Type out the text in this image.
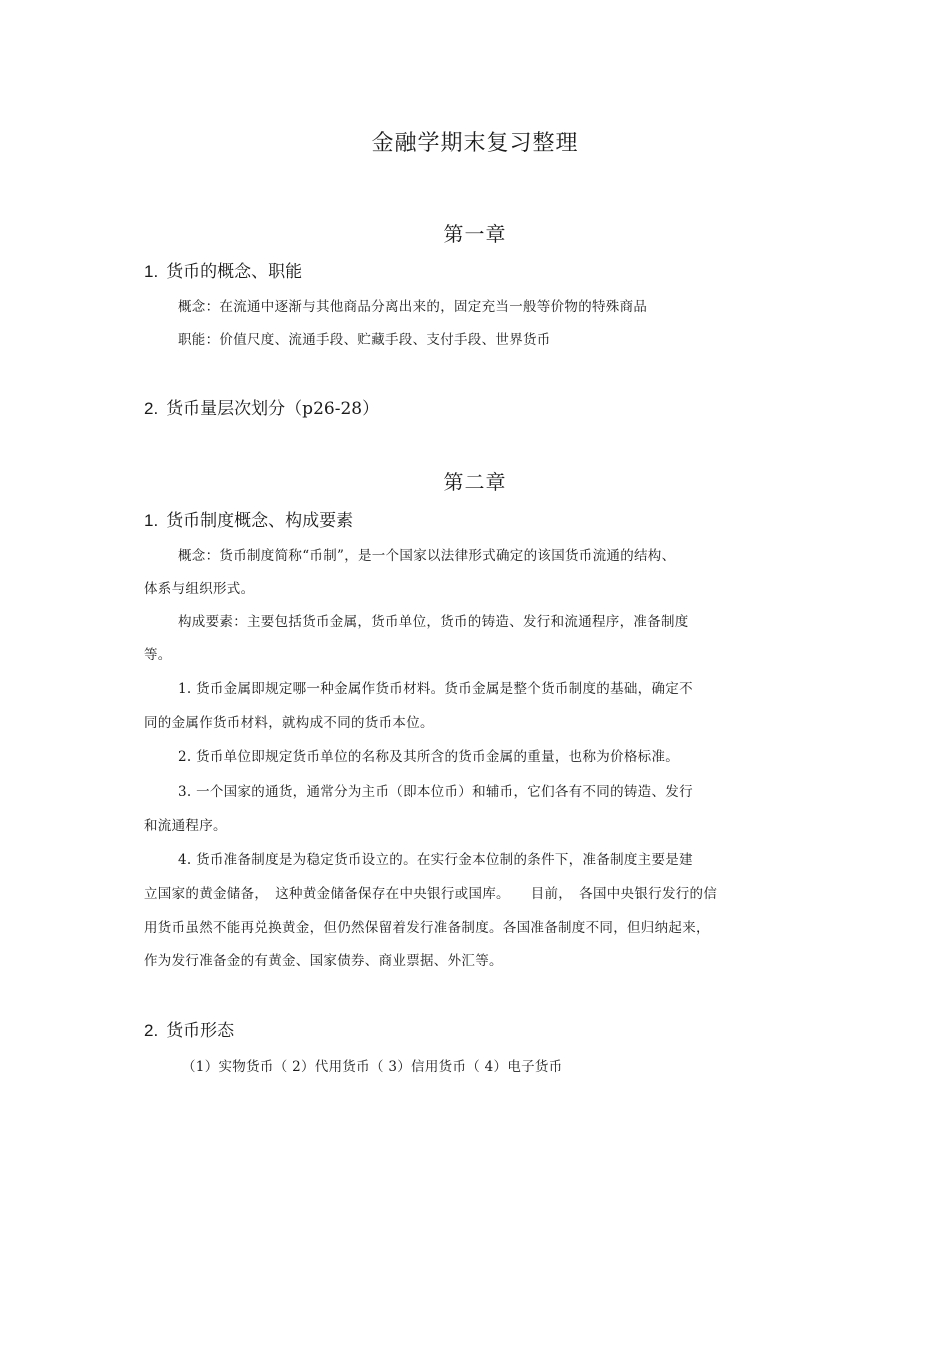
金融学期末复习整理
第一章
1. 货币的概念、职能
概念：在流通中逐渐与其他商品分离出来的，固定充当一般等价物的特殊商品
职能：价值尺度、流通手段、贮藏手段、支付手段、世界货币
2. 货币量层次划分（p26-28）
第二章
1. 货币制度概念、构成要素
概念：货币制度简称“币制”，是一个国家以法律形式确定的该国货币流通的结构、
体系与组织形式。
构成要素：主要包括货币金属，货币单位，货币的铸造、发行和流通程序，准备制度
等。
1. 货币金属即规定哪一种金属作货币材料。货币金属是整个货币制度的基础，确定不
同的金属作货币材料，就构成不同的货币本位。
2. 货币单位即规定货币单位的名称及其所含的货币金属的重量，也称为价格标准。
3. 一个国家的通货，通常分为主币（即本位币）和辅币，它们各有不同的铸造、发行
和流通程序。
4. 货币准备制度是为稳定货币设立的。在实行金本位制的条件下，准备制度主要是建
立国家的黄金储备，　这种黄金储备保存在中央银行或国库。　　目前，　各国中央银行发行的信
用货币虽然不能再兑换黄金，但仍然保留着发行准备制度。各国准备制度不同，但归纳起来，
作为发行准备金的有黄金、国家债券、商业票据、外汇等。
2. 货币形态
（1）实物货币（ 2）代用货币（ 3）信用货币（ 4）电子货币
